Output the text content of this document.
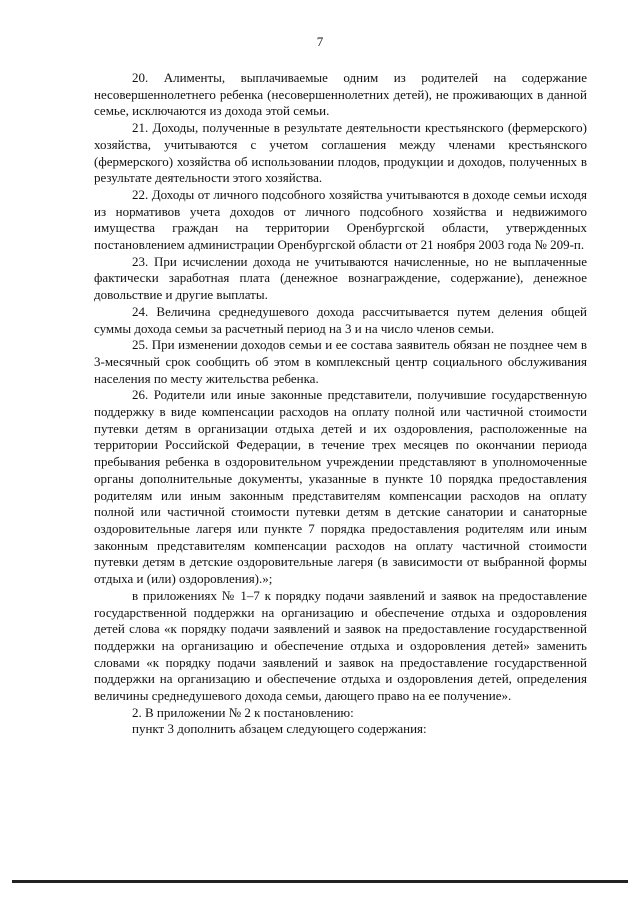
7

20. Алименты, выплачиваемые одним из родителей на содержание несовершеннолетнего ребенка (несовершеннолетних детей), не проживающих в данной семье, исключаются из дохода этой семьи.

21. Доходы, полученные в результате деятельности крестьянского (фермерского) хозяйства, учитываются с учетом соглашения между членами крестьянского (фермерского) хозяйства об использовании плодов, продукции и доходов, полученных в результате деятельности этого хозяйства.

22. Доходы от личного подсобного хозяйства учитываются в доходе семьи исходя из нормативов учета доходов от личного подсобного хозяйства и недвижимого имущества граждан на территории Оренбургской области, утвержденных постановлением администрации Оренбургской области от 21 ноября 2003 года № 209-п.

23. При исчислении дохода не учитываются начисленные, но не выплаченные фактически заработная плата (денежное вознаграждение, содержание), денежное довольствие и другие выплаты.

24. Величина среднедушевого дохода рассчитывается путем деления общей суммы дохода семьи за расчетный период на 3 и на число членов семьи.

25. При изменении доходов семьи и ее состава заявитель обязан не позднее чем в 3-месячный срок сообщить об этом в комплексный центр социального обслуживания населения по месту жительства ребенка.

26. Родители или иные законные представители, получившие государственную поддержку в виде компенсации расходов на оплату полной или частичной стоимости путевки детям в организации отдыха детей и их оздоровления, расположенные на территории Российской Федерации, в течение трех месяцев по окончании периода пребывания ребенка в оздоровительном учреждении представляют в уполномоченные органы дополнительные документы, указанные в пункте 10 порядка предоставления родителям или иным законным представителям компенсации расходов на оплату полной или частичной стоимости путевки детям в детские санатории и санаторные оздоровительные лагеря или пункте 7 порядка предоставления родителям или иным законным представителям компенсации расходов на оплату частичной стоимости путевки детям в детские оздоровительные лагеря (в зависимости от выбранной формы отдыха и (или) оздоровления).»;

в приложениях № 1–7 к порядку подачи заявлений и заявок на предоставление государственной поддержки на организацию и обеспечение отдыха и оздоровления детей слова «к порядку подачи заявлений и заявок на предоставление государственной поддержки на организацию и обеспечение отдыха и оздоровления детей» заменить словами «к порядку подачи заявлений и заявок на предоставление государственной поддержки на организацию и обеспечение отдыха и оздоровления детей, определения величины среднедушевого дохода семьи, дающего право на ее получение».

2. В приложении № 2 к постановлению:

пункт 3 дополнить абзацем следующего содержания:
